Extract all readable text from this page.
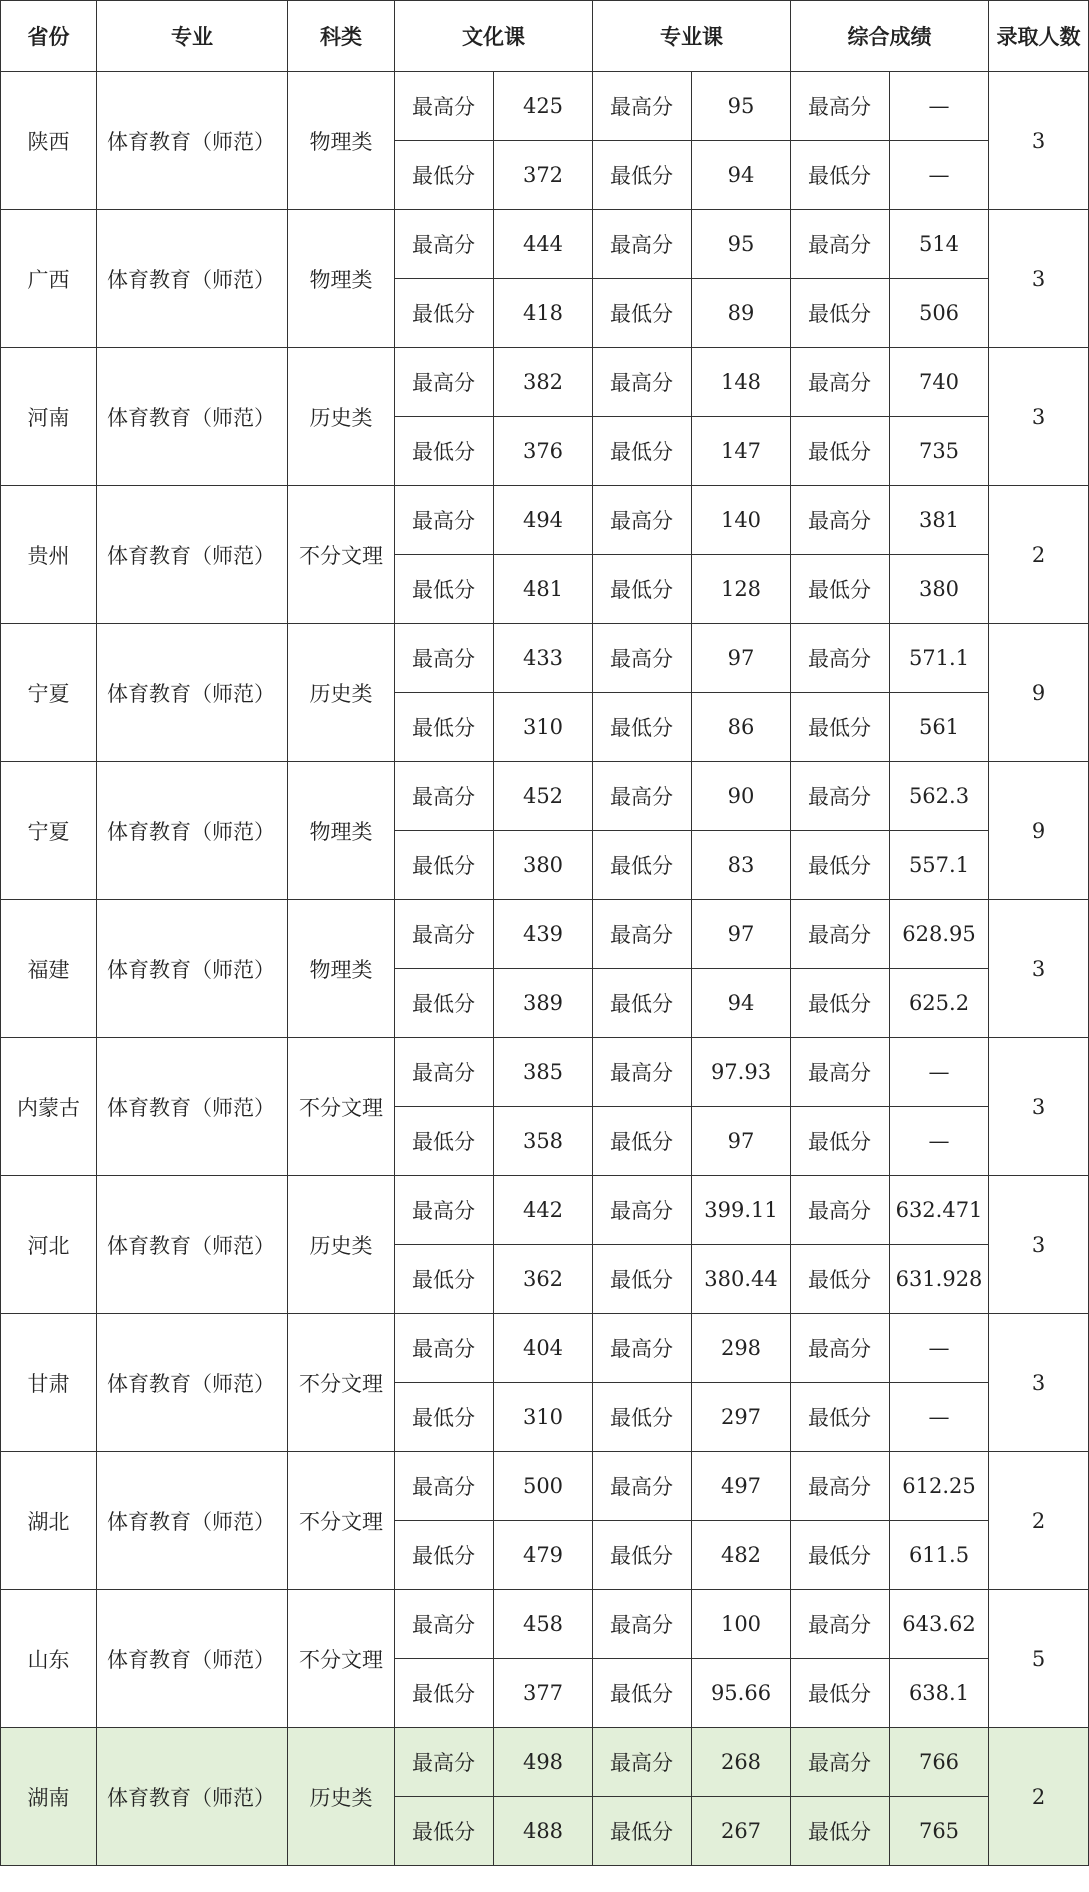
省份	专业	科类	文化课		专业课		综合成绩		录取人数
陕西	体育教育（师范）	物理类	最高分	425	最高分	95	最高分	—	3
			最低分	372	最低分	94	最低分	—	
广西	体育教育（师范）	物理类	最高分	444	最高分	95	最高分	514	3
			最低分	418	最低分	89	最低分	506	
河南	体育教育（师范）	历史类	最高分	382	最高分	148	最高分	740	3
			最低分	376	最低分	147	最低分	735	
贵州	体育教育（师范）	不分文理	最高分	494	最高分	140	最高分	381	2
			最低分	481	最低分	128	最低分	380	
宁夏	体育教育（师范）	历史类	最高分	433	最高分	97	最高分	571.1	9
			最低分	310	最低分	86	最低分	561	
宁夏	体育教育（师范）	物理类	最高分	452	最高分	90	最高分	562.3	9
			最低分	380	最低分	83	最低分	557.1	
福建	体育教育（师范）	物理类	最高分	439	最高分	97	最高分	628.95	3
			最低分	389	最低分	94	最低分	625.2	
内蒙古	体育教育（师范）	不分文理	最高分	385	最高分	97.93	最高分	—	3
			最低分	358	最低分	97	最低分	—	
河北	体育教育（师范）	历史类	最高分	442	最高分	399.11	最高分	632.471	3
			最低分	362	最低分	380.44	最低分	631.928	
甘肃	体育教育（师范）	不分文理	最高分	404	最高分	298	最高分	—	3
			最低分	310	最低分	297	最低分	—	
湖北	体育教育（师范）	不分文理	最高分	500	最高分	497	最高分	612.25	2
			最低分	479	最低分	482	最低分	611.5	
山东	体育教育（师范）	不分文理	最高分	458	最高分	100	最高分	643.62	5
			最低分	377	最低分	95.66	最低分	638.1	
湖南	体育教育（师范）	历史类	最高分	498	最高分	268	最高分	766	2
			最低分	488	最低分	267	最低分	765	
